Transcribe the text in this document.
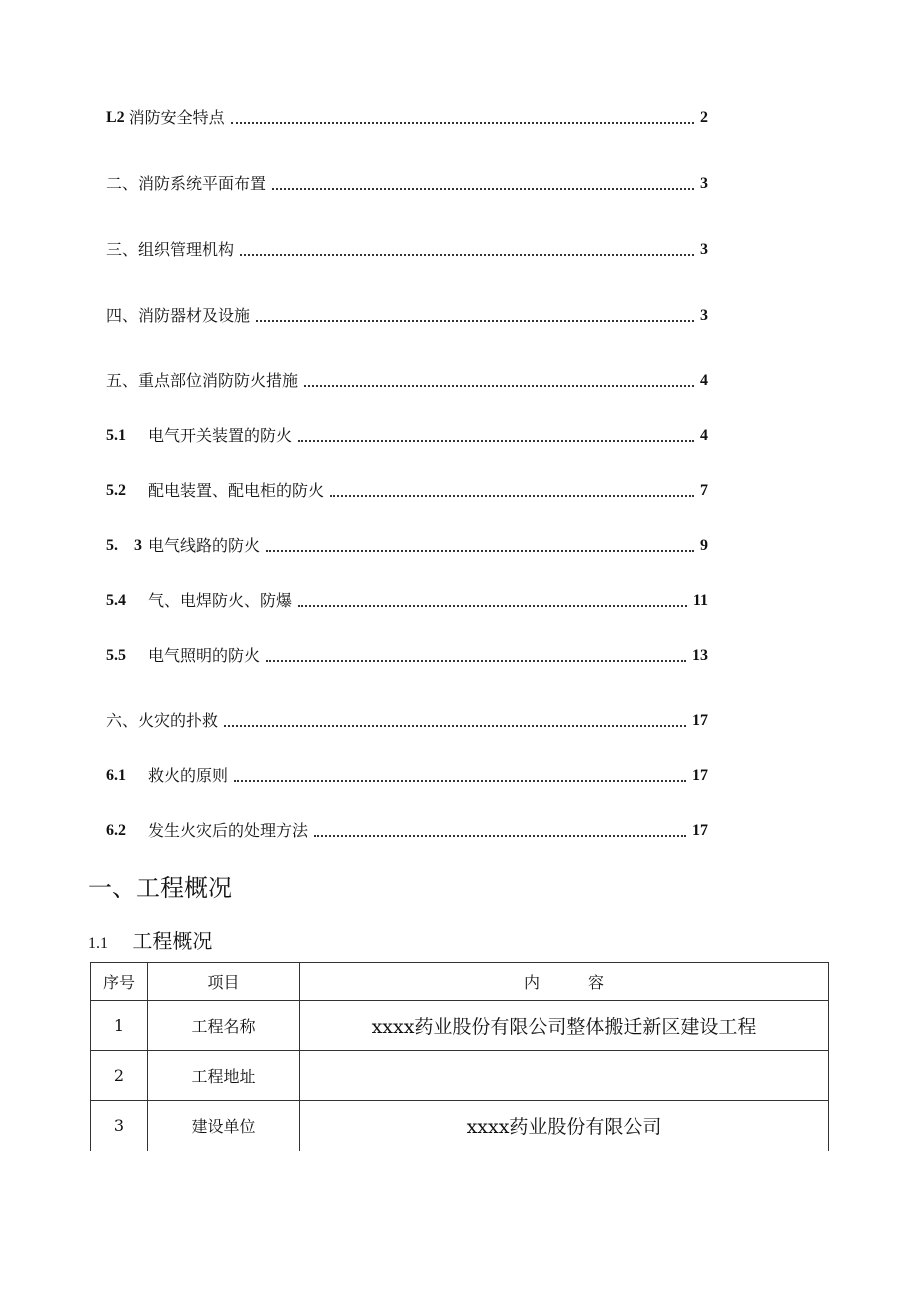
L2 消防安全特点	2
二、消防系统平面布置	3
三、组织管理机构	3
四、消防器材及设施	3
五、重点部位消防防火措施	4
5.1	电气开关装置的防火	4
5.2	配电装置、配电柜的防火	7
5.　3 电气线路的防火	9
5.4	气、电焊防火、防爆	11
5.5	电气照明的防火	13
六、火灾的扑救	17
6.1	救火的原则	17
6.2	发生火灾后的处理方法	17
一、工程概况
1.1 工程概况
序号	项目	内　　　容
1	工程名称	xxxx药业股份有限公司整体搬迁新区建设工程
2	工程地址	
3	建设单位	xxxx药业股份有限公司
